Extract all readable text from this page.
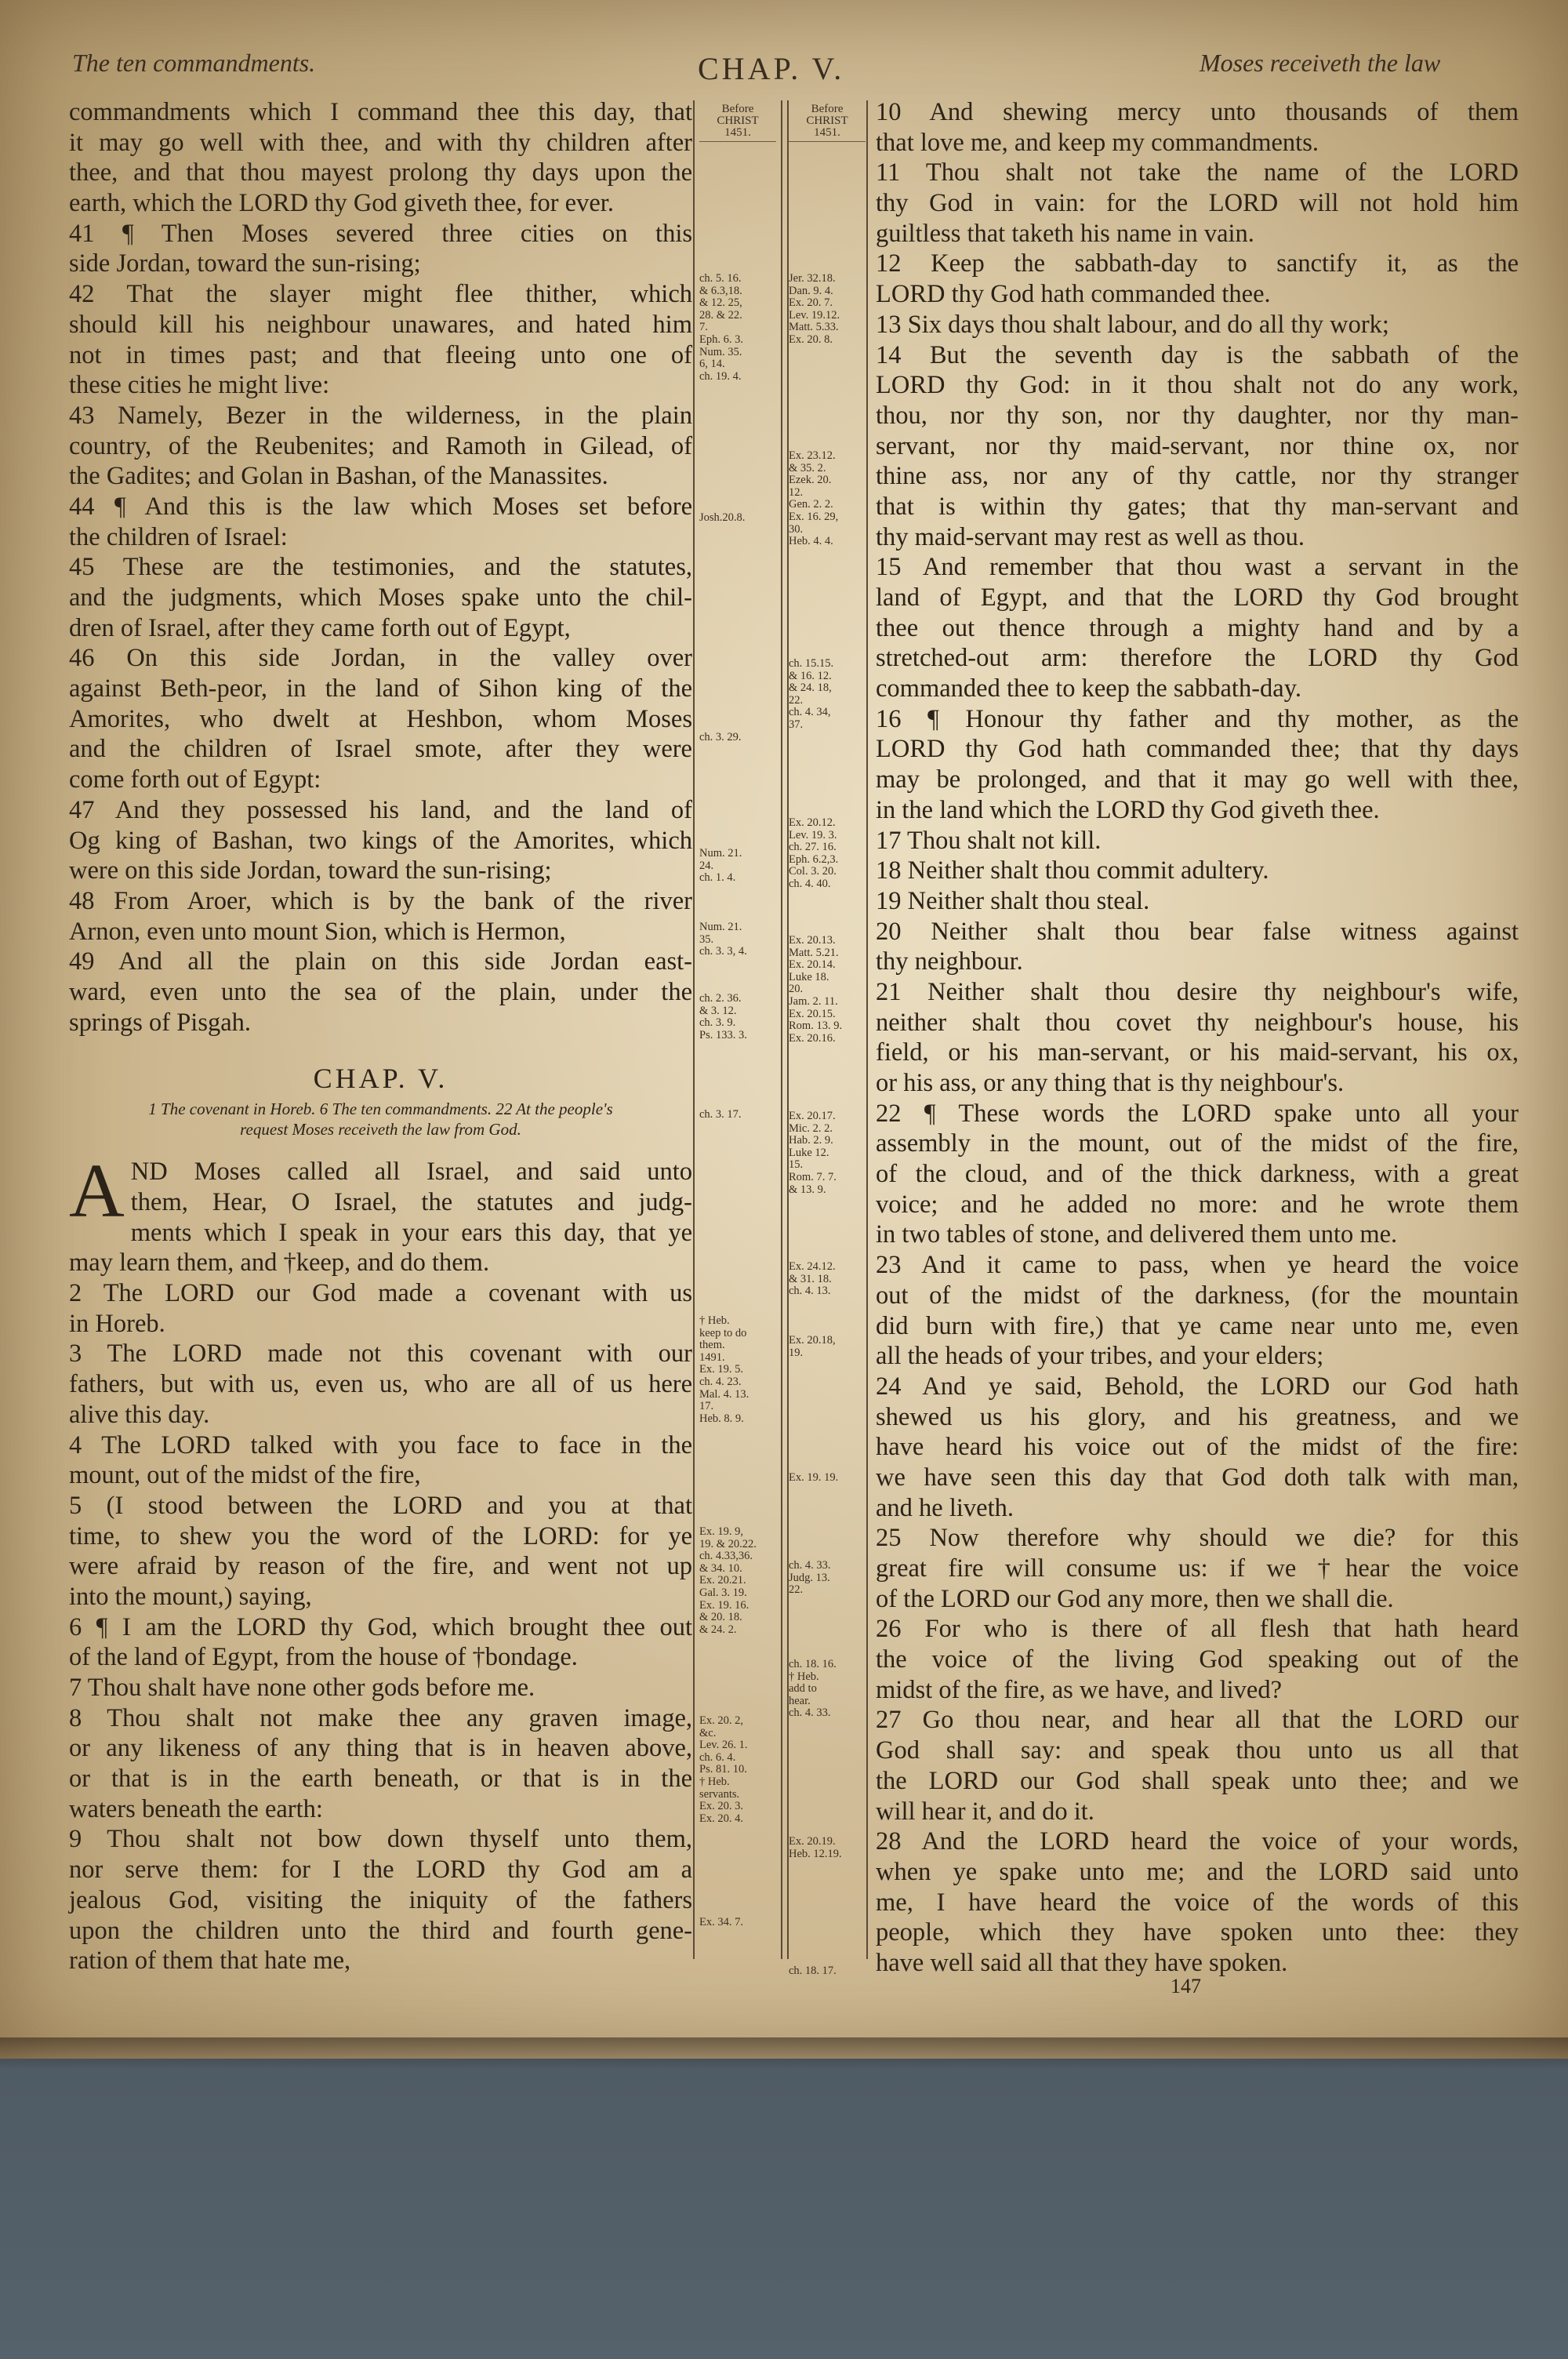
The ten commandments.	CHAP. V.	Moses receiveth the law
commandments which I command thee this day, that
it may go well with thee, and with thy children after
thee, and that thou mayest prolong thy days upon the
earth, which the LORD thy God giveth thee, for ever.
41 ¶ Then Moses severed three cities on this
side Jordan, toward the sun-rising;
42 That the slayer might flee thither, which
should kill his neighbour unawares, and hated him
not in times past; and that fleeing unto one of
these cities he might live:
43 Namely, Bezer in the wilderness, in the plain
country, of the Reubenites; and Ramoth in Gilead, of
the Gadites; and Golan in Bashan, of the Manassites.
44 ¶ And this is the law which Moses set before
the children of Israel:
45 These are the testimonies, and the statutes,
and the judgments, which Moses spake unto the chil-
dren of Israel, after they came forth out of Egypt,
46 On this side Jordan, in the valley over
against Beth-peor, in the land of Sihon king of the
Amorites, who dwelt at Heshbon, whom Moses
and the children of Israel smote, after they were
come forth out of Egypt:
47 And they possessed his land, and the land of
Og king of Bashan, two kings of the Amorites, which
were on this side Jordan, toward the sun-rising;
48 From Aroer, which is by the bank of the river
Arnon, even unto mount Sion, which is Hermon,
49 And all the plain on this side Jordan east-
ward, even unto the sea of the plain, under the
springs of Pisgah.
CHAP. V.
1 The covenant in Horeb. 6 The ten commandments. 22 At the people's
request Moses receiveth the law from God.
A ND Moses called all Israel, and said unto
them, Hear, O Israel, the statutes and judg-
ments which I speak in your ears this day, that ye
may learn them, and †keep, and do them.
2 The LORD our God made a covenant with us
in Horeb.
3 The LORD made not this covenant with our
fathers, but with us, even us, who are all of us here
alive this day.
4 The LORD talked with you face to face in the
mount, out of the midst of the fire,
5 (I stood between the LORD and you at that
time, to shew you the word of the LORD: for ye
were afraid by reason of the fire, and went not up
into the mount,) saying,
6 ¶ I am the LORD thy God, which brought thee out
of the land of Egypt, from the house of †bondage.
7 Thou shalt have none other gods before me.
8 Thou shalt not make thee any graven image,
or any likeness of any thing that is in heaven above,
or that is in the earth beneath, or that is in the
waters beneath the earth:
9 Thou shalt not bow down thyself unto them,
nor serve them: for I the LORD thy God am a
jealous God, visiting the iniquity of the fathers
upon the children unto the third and fourth gene-
ration of them that hate me,
Before
CHRIST
1451.
ch. 5. 16.
& 6.3,18.
& 12. 25,
28. & 22.
7.
Eph. 6. 3.
Num. 35.
6, 14.
ch. 19. 4.
Josh.20.8.
ch. 3. 29.
Num. 21.
24.
ch. 1. 4.
Num. 21.
35.
ch. 3. 3, 4.
ch. 2. 36.
& 3. 12.
ch. 3. 9.
Ps. 133. 3.
ch. 3. 17.
† Heb.
keep to do
them.
1491.
Ex. 19. 5.
ch. 4. 23.
Mal. 4. 13.
17.
Heb. 8. 9.
Ex. 19. 9,
19. & 20.22.
ch. 4.33,36.
& 34. 10.
Ex. 20.21.
Gal. 3. 19.
Ex. 19. 16.
& 20. 18.
& 24. 2.
Ex. 20. 2,
&c.
Lev. 26. 1.
ch. 6. 4.
Ps. 81. 10.
† Heb.
servants.
Ex. 20. 3.
Ex. 20. 4.
Ex. 34. 7.
Before
CHRIST
1451.
Jer. 32.18.
Dan. 9. 4.
Ex. 20. 7.
Lev. 19.12.
Matt. 5.33.
Ex. 20. 8.
Ex. 23.12.
& 35. 2.
Ezek. 20.
12.
Gen. 2. 2.
Ex. 16. 29,
30.
Heb. 4. 4.
ch. 15.15.
& 16. 12.
& 24. 18,
22.
ch. 4. 34,
37.
Ex. 20.12.
Lev. 19. 3.
ch. 27. 16.
Eph. 6.2,3.
Col. 3. 20.
ch. 4. 40.
Ex. 20.13.
Matt. 5.21.
Ex. 20.14.
Luke 18.
20.
Jam. 2. 11.
Ex. 20.15.
Rom. 13. 9.
Ex. 20.16.
Ex. 20.17.
Mic. 2. 2.
Hab. 2. 9.
Luke 12.
15.
Rom. 7. 7.
& 13. 9.
Ex. 24.12.
& 31. 18.
ch. 4. 13.
Ex. 20.18,
19.
Ex. 19. 19.
ch. 4. 33.
Judg. 13.
22.
ch. 18. 16.
† Heb.
add to
hear.
ch. 4. 33.
Ex. 20.19.
Heb. 12.19.
ch. 18. 17.
10 And shewing mercy unto thousands of them
that love me, and keep my commandments.
11 Thou shalt not take the name of the LORD
thy God in vain: for the LORD will not hold him
guiltless that taketh his name in vain.
12 Keep the sabbath-day to sanctify it, as the
LORD thy God hath commanded thee.
13 Six days thou shalt labour, and do all thy work;
14 But the seventh day is the sabbath of the
LORD thy God: in it thou shalt not do any work,
thou, nor thy son, nor thy daughter, nor thy man-
servant, nor thy maid-servant, nor thine ox, nor
thine ass, nor any of thy cattle, nor thy stranger
that is within thy gates; that thy man-servant and
thy maid-servant may rest as well as thou.
15 And remember that thou wast a servant in the
land of Egypt, and that the LORD thy God brought
thee out thence through a mighty hand and by a
stretched-out arm: therefore the LORD thy God
commanded thee to keep the sabbath-day.
16 ¶ Honour thy father and thy mother, as the
LORD thy God hath commanded thee; that thy days
may be prolonged, and that it may go well with thee,
in the land which the LORD thy God giveth thee.
17 Thou shalt not kill.
18 Neither shalt thou commit adultery.
19 Neither shalt thou steal.
20 Neither shalt thou bear false witness against
thy neighbour.
21 Neither shalt thou desire thy neighbour's wife,
neither shalt thou covet thy neighbour's house, his
field, or his man-servant, or his maid-servant, his ox,
or his ass, or any thing that is thy neighbour's.
22 ¶ These words the LORD spake unto all your
assembly in the mount, out of the midst of the fire,
of the cloud, and of the thick darkness, with a great
voice; and he added no more: and he wrote them
in two tables of stone, and delivered them unto me.
23 And it came to pass, when ye heard the voice
out of the midst of the darkness, (for the mountain
did burn with fire,) that ye came near unto me, even
all the heads of your tribes, and your elders;
24 And ye said, Behold, the LORD our God hath
shewed us his glory, and his greatness, and we
have heard his voice out of the midst of the fire:
we have seen this day that God doth talk with man,
and he liveth.
25 Now therefore why should we die? for this
great fire will consume us: if we †hear the voice
of the LORD our God any more, then we shall die.
26 For who is there of all flesh that hath heard
the voice of the living God speaking out of the
midst of the fire, as we have, and lived?
27 Go thou near, and hear all that the LORD our
God shall say: and speak thou unto us all that
the LORD our God shall speak unto thee; and we
will hear it, and do it.
28 And the LORD heard the voice of your words,
when ye spake unto me; and the LORD said unto
me, I have heard the voice of the words of this
people, which they have spoken unto thee: they
have well said all that they have spoken.
147
